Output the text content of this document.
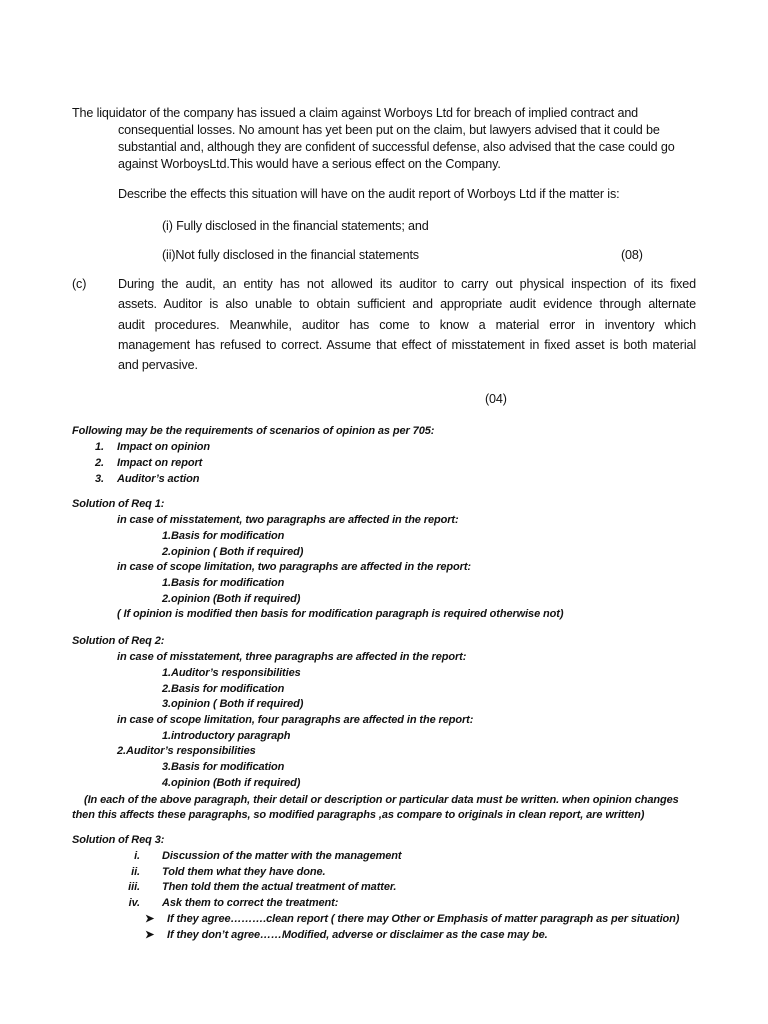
The liquidator of the company has issued a claim against Worboys Ltd for breach of implied contract and
consequential losses. No amount has yet been put on the claim, but lawyers advised that it could be
substantial and, although they are confident of successful defense, also advised that the case could go
against WorboysLtd.This would have a serious effect on the Company.
Describe the effects this situation will have on the audit report of Worboys Ltd if the matter is:
(i) Fully disclosed in the financial statements; and
(ii)Not fully disclosed in the financial statements	(08)
(c)	During the audit, an entity has not allowed its auditor to carry out physical inspection of its fixed
assets. Auditor is also unable to obtain sufficient and appropriate audit evidence through alternate
audit procedures. Meanwhile, auditor has come to know a material error in inventory which
management has refused to correct. Assume that effect of misstatement in fixed asset is both material
and pervasive.
(04)
Following may be the requirements of scenarios of opinion as per 705:
1. Impact on opinion
2. Impact on report
3. Auditor’s action
Solution of Req 1:
in case of misstatement, two paragraphs are affected in the report:
1.Basis for modification
2.opinion ( Both if required)
in case of scope limitation, two paragraphs are affected in the report:
1.Basis for modification
2.opinion (Both if required)
( If opinion is modified then basis for modification paragraph is required otherwise not)
Solution of Req 2:
in case of misstatement, three paragraphs are affected in the report:
1.Auditor’s responsibilities
2.Basis for modification
3.opinion ( Both if required)
in case of scope limitation, four paragraphs are affected in the report:
1.introductory paragraph
2.Auditor’s responsibilities
3.Basis for modification
4.opinion (Both if required)
(In each of the above paragraph, their detail or description or particular data must be written. when opinion changes
then this affects these paragraphs, so modified paragraphs ,as compare to originals in clean report, are written)
Solution of Req 3:
i. Discussion of the matter with the management
ii. Told them what they have done.
iii. Then told them the actual treatment of matter.
iv. Ask them to correct the treatment:
➤ If they agree……….clean report ( there may Other or Emphasis of matter paragraph as per situation)
➤ If they don’t agree……Modified, adverse or disclaimer as the case may be.
